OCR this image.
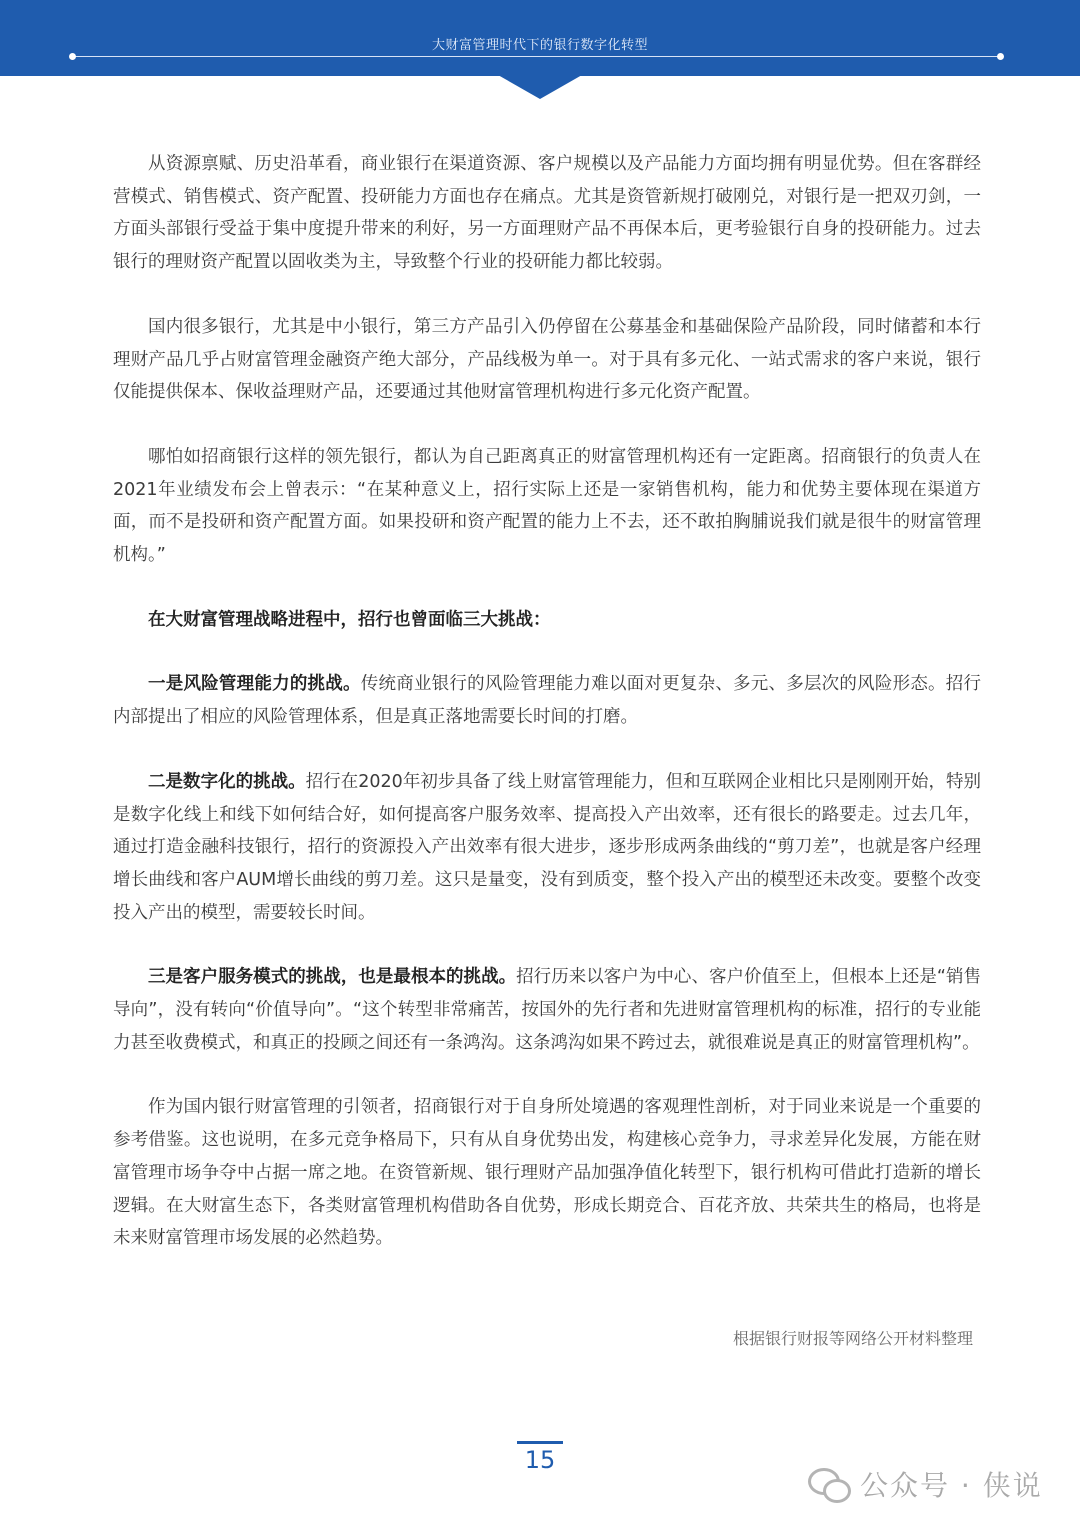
大财富管理时代下的银行数字化转型

从资源禀赋、历史沿革看，商业银行在渠道资源、客户规模以及产品能力方面均拥有明显优势。但在客群经营模式、销售模式、资产配置、投研能力方面也存在痛点。尤其是资管新规打破刚兑，对银行是一把双刃剑，一方面头部银行受益于集中度提升带来的利好，另一方面理财产品不再保本后，更考验银行自身的投研能力。过去银行的理财资产配置以固收类为主，导致整个行业的投研能力都比较弱。

国内很多银行，尤其是中小银行，第三方产品引入仍停留在公募基金和基础保险产品阶段，同时储蓄和本行理财产品几乎占财富管理金融资产绝大部分，产品线极为单一。对于具有多元化、一站式需求的客户来说，银行仅能提供保本、保收益理财产品，还要通过其他财富管理机构进行多元化资产配置。

哪怕如招商银行这样的领先银行，都认为自己距离真正的财富管理机构还有一定距离。招商银行的负责人在2021年业绩发布会上曾表示：“在某种意义上，招行实际上还是一家销售机构，能力和优势主要体现在渠道方面，而不是投研和资产配置方面。如果投研和资产配置的能力上不去，还不敢拍胸脯说我们就是很牛的财富管理机构。”

在大财富管理战略进程中，招行也曾面临三大挑战：

一是风险管理能力的挑战。传统商业银行的风险管理能力难以面对更复杂、多元、多层次的风险形态。招行内部提出了相应的风险管理体系，但是真正落地需要长时间的打磨。

二是数字化的挑战。招行在2020年初步具备了线上财富管理能力，但和互联网企业相比只是刚刚开始，特别是数字化线上和线下如何结合好，如何提高客户服务效率、提高投入产出效率，还有很长的路要走。过去几年，通过打造金融科技银行，招行的资源投入产出效率有很大进步，逐步形成两条曲线的“剪刀差”，也就是客户经理增长曲线和客户AUM增长曲线的剪刀差。这只是量变，没有到质变，整个投入产出的模型还未改变。要整个改变投入产出的模型，需要较长时间。

三是客户服务模式的挑战，也是最根本的挑战。招行历来以客户为中心、客户价值至上，但根本上还是“销售导向”，没有转向“价值导向”。“这个转型非常痛苦，按国外的先行者和先进财富管理机构的标准，招行的专业能力甚至收费模式，和真正的投顾之间还有一条鸿沟。这条鸿沟如果不跨过去，就很难说是真正的财富管理机构”。

作为国内银行财富管理的引领者，招商银行对于自身所处境遇的客观理性剖析，对于同业来说是一个重要的参考借鉴。这也说明，在多元竞争格局下，只有从自身优势出发，构建核心竞争力，寻求差异化发展，方能在财富管理市场争夺中占据一席之地。在资管新规、银行理财产品加强净值化转型下，银行机构可借此打造新的增长逻辑。在大财富生态下，各类财富管理机构借助各自优势，形成长期竞合、百花齐放、共荣共生的格局，也将是未来财富管理市场发展的必然趋势。

根据银行财报等网络公开材料整理
15
公众号 · 侠说
